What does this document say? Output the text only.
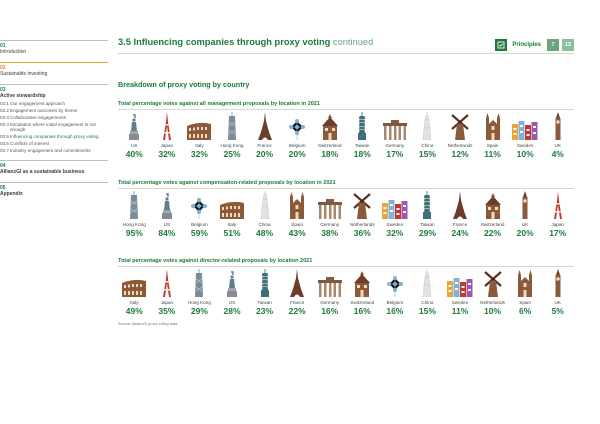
01
Introduction
02
Sustainable investing
03
Active stewardship
03.1 Our engagement approach
03.2 Engagement outcomes by theme
03.3 Collaborative engagements
03.4 Escalation where initial engagement is not enough
03.5 Influencing companies through proxy voting
03.6 Conflicts of interest
03.7 Industry engagement and commitments
04
AllianzGI as a sustainable business
05
Appendix
3.5 Influencing companies through proxy voting continued	Principles	7	12
Breakdown of proxy voting by country
Total percentage votes against all management proposals by location in 2021
US
40%
Japan
32%
Italy
32%
Hong Kong
25%
France
20%
Belgium
20%
Switzerland
18%
Taiwan
18%
Germany
17%
China
15%
Netherlands
12%
Spain
11%
Sweden
10%
UK
4%
Total percentage votes against compensation-related proposals by location in 2021
Hong Kong
95%
US
84%
Belgium
59%
Italy
51%
China
48%
Spain
43%
Germany
38%
Netherlands
36%
Sweden
32%
Taiwan
29%
France
24%
Switzerland
22%
UK
20%
Japan
17%
Total percentage votes against director-related proposals by location 2021
Italy
49%
Japan
35%
Hong Kong
29%
US
28%
Taiwan
23%
France
22%
Germany
16%
Switzerland
16%
Belgium
16%
China
15%
Sweden
11%
Netherlands
10%
Spain
6%
UK
5%
Source: AllianzGI proxy voting data.
